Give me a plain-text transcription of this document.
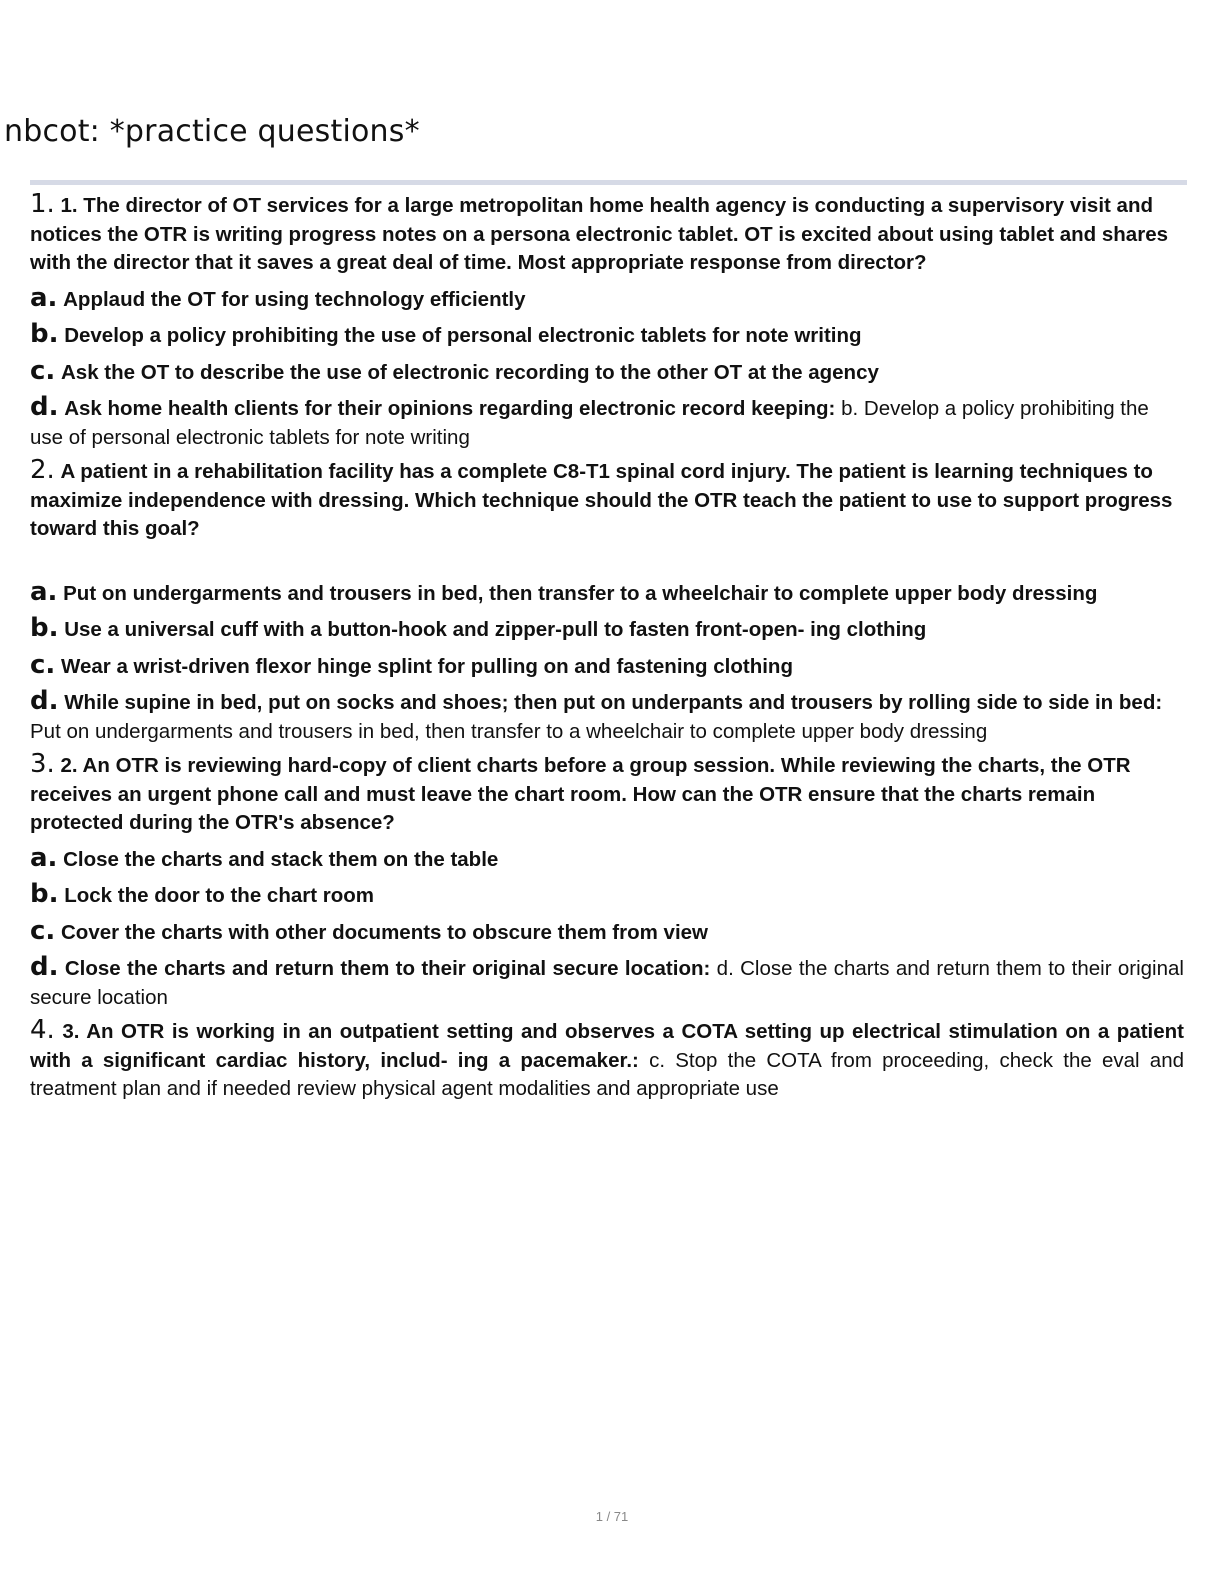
nbcot: *practice questions*

1. 1. The director of OT services for a large metropolitan home health agency is conducting a supervisory visit and notices the OTR is writing progress notes on a persona electronic tablet. OT is excited about using tablet and shares with the director that it saves a great deal of time. Most appropriate response from director?

a. Applaud the OT for using technology efficiently

b. Develop a policy prohibiting the use of personal electronic tablets for note writing

c. Ask the OT to describe the use of electronic recording to the other OT at the agency

d. Ask home health clients for their opinions regarding electronic record keeping: b. Develop a policy prohibiting the use of personal electronic tablets for note writing

2. A patient in a rehabilitation facility has a complete C8-T1 spinal cord injury. The patient is learning techniques to maximize independence with dressing. Which technique should the OTR teach the patient to use to support progress toward this goal?

a. Put on undergarments and trousers in bed, then transfer to a wheelchair to complete upper body dressing

b. Use a universal cuff with a button-hook and zipper-pull to fasten front-open- ing clothing

c. Wear a wrist-driven flexor hinge splint for pulling on and fastening clothing

d. While supine in bed, put on socks and shoes; then put on underpants and trousers by rolling side to side in bed: Put on undergarments and trousers in bed, then transfer to a wheelchair to complete upper body dressing

3. 2. An OTR is reviewing hard-copy of client charts before a group session. While reviewing the charts, the OTR receives an urgent phone call and must leave the chart room. How can the OTR ensure that the charts remain protected during the OTR's absence?

a. Close the charts and stack them on the table

b. Lock the door to the chart room

c. Cover the charts with other documents to obscure them from view

d. Close the charts and return them to their original secure location: d. Close the charts and return them to their original secure location

4. 3. An OTR is working in an outpatient setting and observes a COTA setting up electrical stimulation on a patient with a significant cardiac history, includ- ing a pacemaker.: c. Stop the COTA from proceeding, check the eval and treatment plan and if needed review physical agent modalities and appropriate use

1 / 71
